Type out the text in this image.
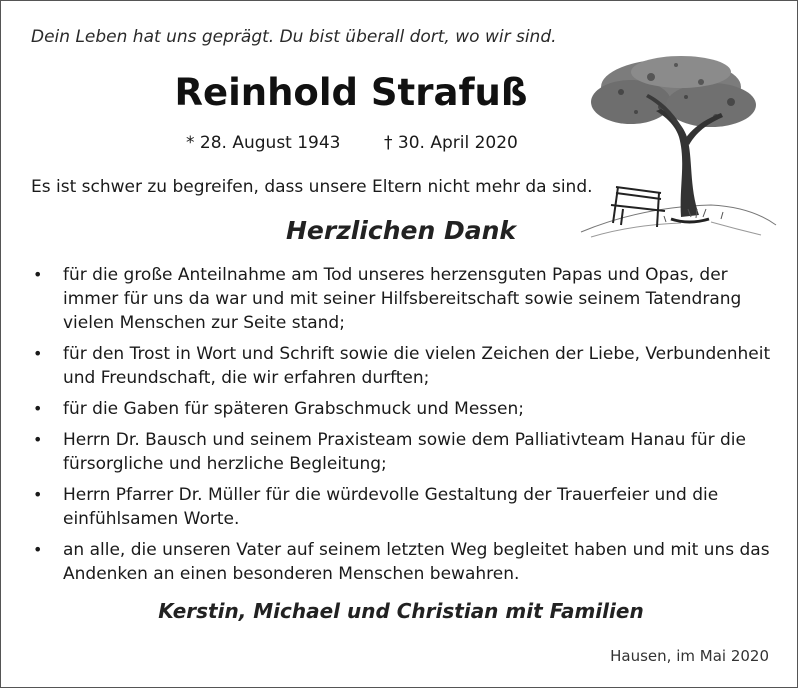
Dein Leben hat uns geprägt. Du bist überall dort, wo wir sind.
Reinhold Strafuß
* 28. August 1943	† 30. April 2020
Es ist schwer zu begreifen, dass unsere Eltern nicht mehr da sind.
Herzlichen Dank
• für die große Anteilnahme am Tod unseres herzensguten Papas und Opas, der immer für uns da war und mit seiner Hilfsbereitschaft sowie seinem Tatendrang vielen Menschen zur Seite stand;
• für den Trost in Wort und Schrift sowie die vielen Zeichen der Liebe, Verbundenheit und Freundschaft, die wir erfahren durften;
• für die Gaben für späteren Grabschmuck und Messen;
• Herrn Dr. Bausch und seinem Praxisteam sowie dem Palliativteam Hanau für die fürsorgliche und herzliche Begleitung;
• Herrn Pfarrer Dr. Müller für die würdevolle Gestaltung der Trauerfeier und die einfühlsamen Worte.
• an alle, die unseren Vater auf seinem letzten Weg begleitet haben und mit uns das Andenken an einen besonderen Menschen bewahren.
Kerstin, Michael und Christian mit Familien
Hausen, im Mai 2020
